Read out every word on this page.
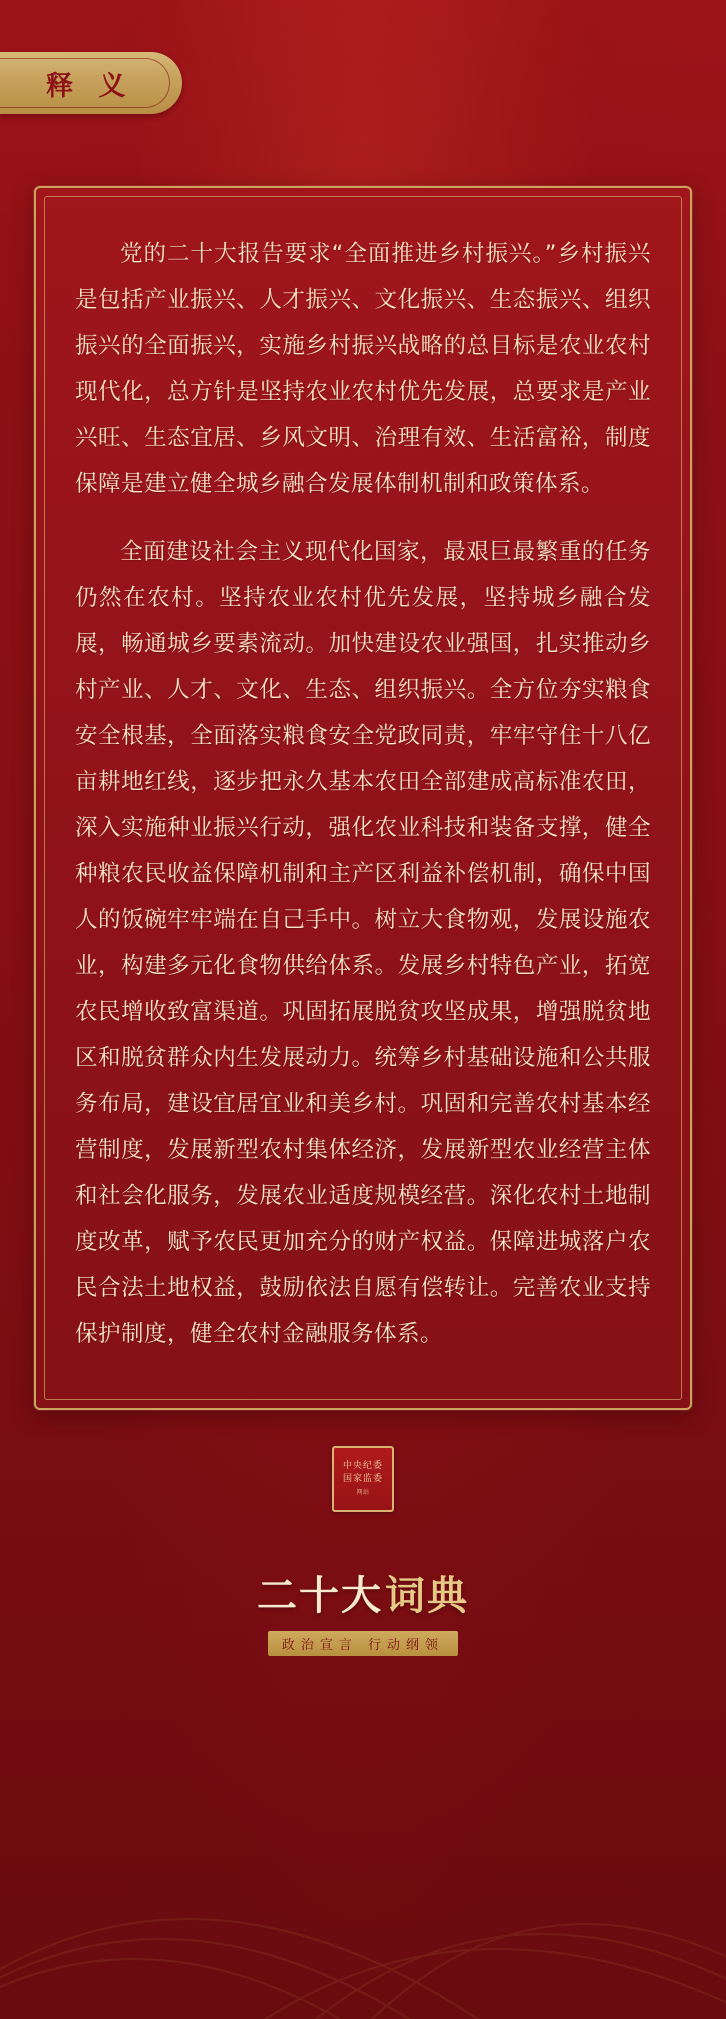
释 义

党的二十大报告要求“全面推进乡村振兴。”乡村振兴是包括产业振兴、人才振兴、文化振兴、生态振兴、组织振兴的全面振兴，实施乡村振兴战略的总目标是农业农村现代化，总方针是坚持农业农村优先发展，总要求是产业兴旺、生态宜居、乡风文明、治理有效、生活富裕，制度保障是建立健全城乡融合发展体制机制和政策体系。

全面建设社会主义现代化国家，最艰巨最繁重的任务仍然在农村。坚持农业农村优先发展，坚持城乡融合发展，畅通城乡要素流动。加快建设农业强国，扎实推动乡村产业、人才、文化、生态、组织振兴。全方位夯实粮食安全根基，全面落实粮食安全党政同责，牢牢守住十八亿亩耕地红线，逐步把永久基本农田全部建成高标准农田，深入实施种业振兴行动，强化农业科技和装备支撑，健全种粮农民收益保障机制和主产区利益补偿机制，确保中国人的饭碗牢牢端在自己手中。树立大食物观，发展设施农业，构建多元化食物供给体系。发展乡村特色产业，拓宽农民增收致富渠道。巩固拓展脱贫攻坚成果，增强脱贫地区和脱贫群众内生发展动力。统筹乡村基础设施和公共服务布局，建设宜居宜业和美乡村。巩固和完善农村基本经营制度，发展新型农村集体经济，发展新型农业经营主体和社会化服务，发展农业适度规模经营。深化农村土地制度改革，赋予农民更加充分的财产权益。保障进城落户农民合法土地权益，鼓励依法自愿有偿转让。完善农业支持保护制度，健全农村金融服务体系。

中央纪委
国家监委
网站
二十大 词典
政治宣言 行动纲领
